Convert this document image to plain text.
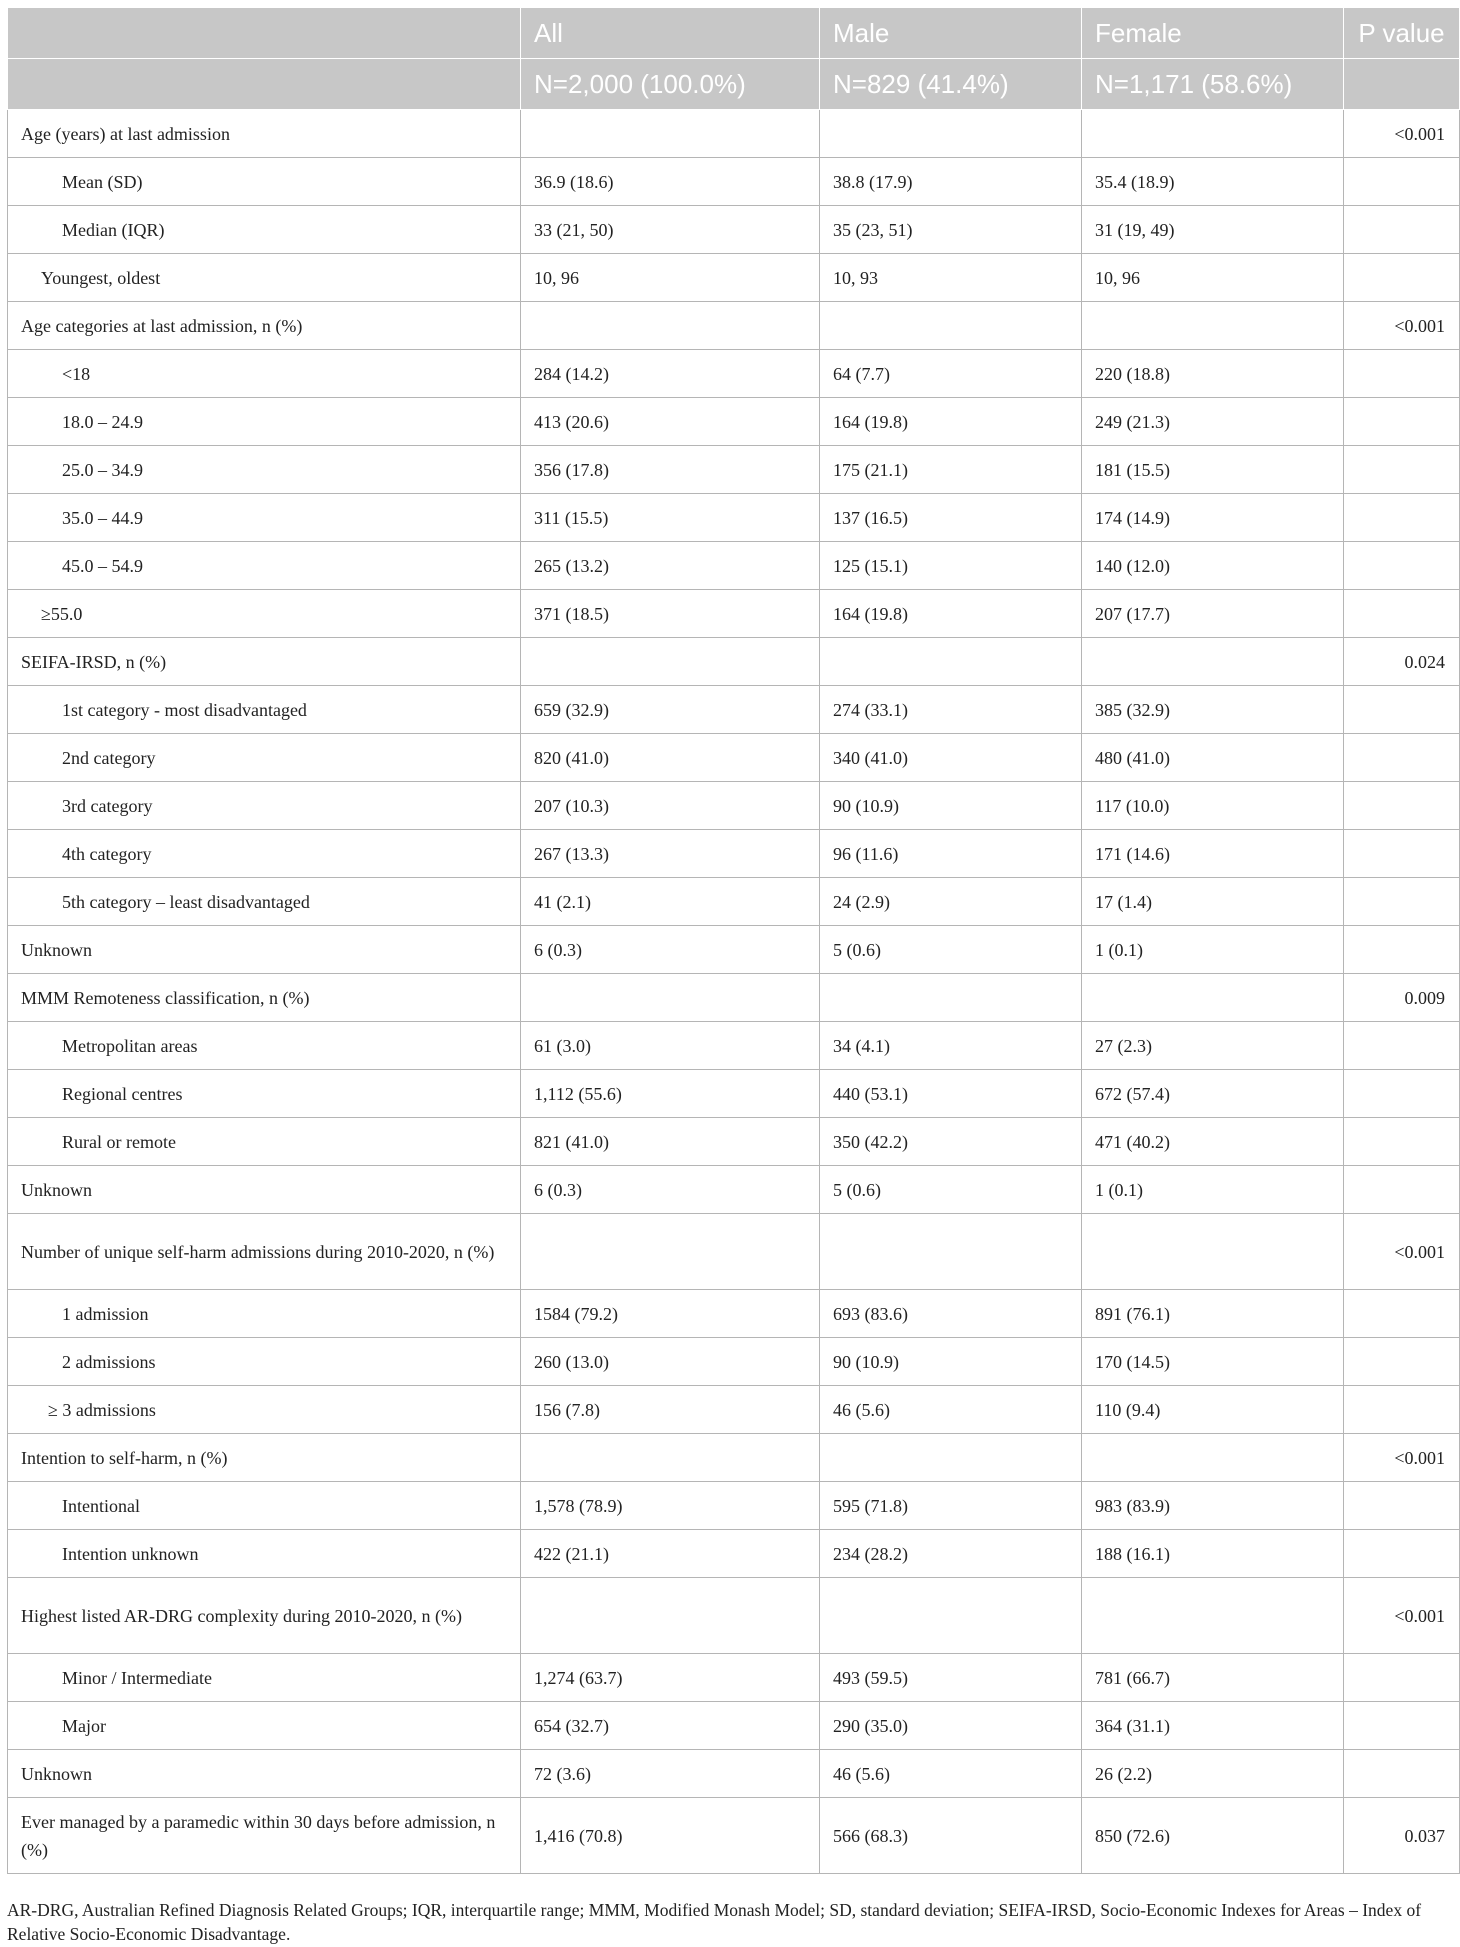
	All	Male	Female	P value
	N=2,000 (100.0%)	N=829 (41.4%)	N=1,171 (58.6%)	
Age (years) at last admission				<0.001
Mean (SD)	36.9 (18.6)	38.8 (17.9)	35.4 (18.9)	
Median (IQR)	33 (21, 50)	35 (23, 51)	31 (19, 49)	
Youngest, oldest	10, 96	10, 93	10, 96	
Age categories at last admission, n (%)				<0.001
<18	284 (14.2)	64 (7.7)	220 (18.8)	
18.0 – 24.9	413 (20.6)	164 (19.8)	249 (21.3)	
25.0 – 34.9	356 (17.8)	175 (21.1)	181 (15.5)	
35.0 – 44.9	311 (15.5)	137 (16.5)	174 (14.9)	
45.0 – 54.9	265 (13.2)	125 (15.1)	140 (12.0)	
≥55.0	371 (18.5)	164 (19.8)	207 (17.7)	
SEIFA-IRSD, n (%)				0.024
1st category - most disadvantaged	659 (32.9)	274 (33.1)	385 (32.9)	
2nd category	820 (41.0)	340 (41.0)	480 (41.0)	
3rd category	207 (10.3)	90 (10.9)	117 (10.0)	
4th category	267 (13.3)	96 (11.6)	171 (14.6)	
5th category – least disadvantaged	41 (2.1)	24 (2.9)	17 (1.4)	
Unknown	6 (0.3)	5 (0.6)	1 (0.1)	
MMM Remoteness classification, n (%)				0.009
Metropolitan areas	61 (3.0)	34 (4.1)	27 (2.3)	
Regional centres	1,112 (55.6)	440 (53.1)	672 (57.4)	
Rural or remote	821 (41.0)	350 (42.2)	471 (40.2)	
Unknown	6 (0.3)	5 (0.6)	1 (0.1)	
Number of unique self-harm admissions during 2010-2020, n (%)				<0.001
1 admission	1584 (79.2)	693 (83.6)	891 (76.1)	
2 admissions	260 (13.0)	90 (10.9)	170 (14.5)	
≥ 3 admissions	156 (7.8)	46 (5.6)	110 (9.4)	
Intention to self-harm, n (%)				<0.001
Intentional	1,578 (78.9)	595 (71.8)	983 (83.9)	
Intention unknown	422 (21.1)	234 (28.2)	188 (16.1)	
Highest listed AR-DRG complexity during 2010-2020, n (%)				<0.001
Minor / Intermediate	1,274 (63.7)	493 (59.5)	781 (66.7)	
Major	654 (32.7)	290 (35.0)	364 (31.1)	
Unknown	72 (3.6)	46 (5.6)	26 (2.2)	
Ever managed by a paramedic within 30 days before admission, n (%)	1,416 (70.8)	566 (68.3)	850 (72.6)	0.037
AR-DRG, Australian Refined Diagnosis Related Groups; IQR, interquartile range; MMM, Modified Monash Model; SD, standard deviation; SEIFA-IRSD, Socio-Economic Indexes for Areas – Index of Relative Socio-Economic Disadvantage.
